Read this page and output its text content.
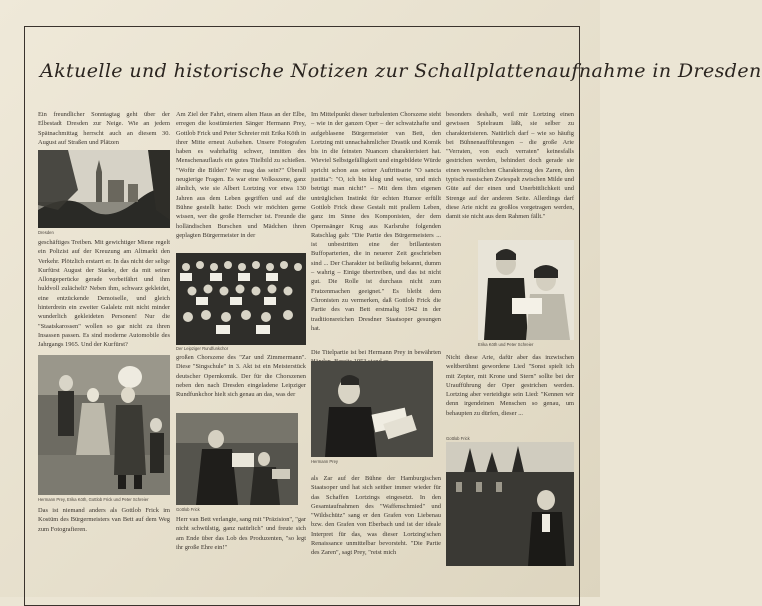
Aktuelle und historische Notizen zur Schallplattenaufnahme in Dresden
Ein freundlicher Sonntagtag geht über der Elbestadt Dresden zur Neige. Wie an jedem Spätnachmittag herrscht auch an diesem 30. August auf Straßen und Plätzen
Dresden
geschäftiges Treiben. Mit gewichtiger Miene regelt ein Polizist auf der Kreuzung am Altmarkt den Verkehr. Plötzlich erstarrt er. In das nicht der selige Kurfürst August der Starke, der da mit seiner Allongeperücke gerade vorbeifährt und ihm huldvoll zulächelt? Neben ihm, schwarz gekleidet, eine entzückende Demoiselle, und gleich hinterdrein ein zweiter Galaletz mit nicht minder wunderlich gekleideten Personen! Nur die "Staatskarossen" wollen so gar nicht zu ihren Insassen passen. Es sind moderne Automobile des Jahrgangs 1965. Und der Kurfürst?
Hermann Prey, Erika Köth, Gottlob Frick und Peter Schreier
Das ist niemand anders als Gottlob Frick im Kostüm des Bürgermeisters van Bett auf dem Weg zum Fotografieren.
Am Ziel der Fahrt, einem alten Haus an der Elbe, erregen die kostümierten Sänger Hermann Prey, Gottlob Frick und Peter Schreier mit Erika Köth in ihrer Mitte erneut Aufsehen. Unsere Fotografen haben es wahrhaftig schwer, inmitten des Menschenauflaufs ein gutes Titelbild zu schießen. "Wofür die Bilder? Wer mag das sein?" Überall neugierige Fragen. Es war eine Volksszene, ganz ähnlich, wie sie Albert Lortzing vor etwa 130 Jahren aus dem Leben gegriffen und auf die Bühne gestellt hatte: Doch wir möchten gerne wissen, wer die große Herrscher ist. Freunde die holländischen Burschen und Mädchen ihren geplagten Bürgermeister in der
Der Leipziger Rundfunkchor
großen Chorszene des "Zar und Zimmermann". Diese "Singschule" in 3. Akt ist ein Meisterstück deutscher Opernkomik. Der für die Chorszenen neben den nach Dresden eingeladene Leipziger Rundfunkchor hielt sich genau an das, was der
Gottlob Frick
Herr van Bett verlangte, sang mit "Präzision", "gar nicht schwülstig, ganz natürlich" und freute sich am Ende über das Lob des Produzenten, "so legt ihr große Ehre ein!"
Im Mittelpunkt dieser turbulenten Chorszene steht – wie in der ganzen Oper – der schwatzhafte und aufgeblasene Bürgermeister van Bett, den Lortzing mit unnachahmlicher Drastik und Komik bis in die feinsten Nuancen charakterisiert hat. Wieviel Selbstgefälligkeit und eingebildete Würde spricht schon aus seiner Auftrittsarie "O sancta justitia": "O, ich bin klug und weise, und mich betrügt man nicht!" – Mit dem ihm eigenen untrüglichen Instinkt für echten Humor erfüllt Gottlob Frick diese Gestalt mit prallem Leben, ganz im Sinne des Komponisten, der dem Opernsänger Krug aus Karlsruhe folgenden Ratschlag gab: "Die Partie des Bürgermeisters ... ist unbestritten eine der brillantesten Buffoparterien, die in neuerer Zeit geschrieben sind ... Der Charakter ist beiläufig bekannt, dumm – wahrig – Einige übertreiben, und das ist nicht gut. Die Rolle ist durchaus nicht zum Fratzenmachen geeignet." Es bleibt dem Chronisten zu vermerken, daß Gottlob Frick die Partie des van Bett erstmalig 1942 in der traditionsreichen Dresdner Staatsoper gesungen hat.
Die Titelpartie ist bei Hermann Prey in bewährten
Hermann Prey
als Zar auf der Bühne der Hamburgischen Staatsoper und hat sich seither immer wieder für das Schaffen Lortzings eingesetzt. In den Gesamtaufnahmen des "Waffenschmied" und "Wildschütz" sang er den Grafen von Liebenau bzw. den Grafen von Eberbach und ist der ideale Interpret für das, was dieser Lortzing'schen Renaissance unmittelbar bevorsteht. "Die Partie des Zaren", sagt Prey, "reist mich
besonders deshalb, weil mir Lortzing einen gewissen Spielraum läßt, sie selber zu charakterisieren. Natürlich darf – wie so häufig bei Bühnenaufführungen – die große Arie "Verraten, von euch verraten" keinesfalls gestrichen werden, behindert doch gerade sie einen wesentlichen Charakterzug des Zaren, den typisch russischen Zwiespalt zwischen Milde und Güte auf der einen und Unerbittlichkeit und Strenge auf der anderen Seite. Allerdings darf diese Arie nicht zu großlos vorgetragen werden, damit sie nicht aus dem Rahmen fällt."
Erika Köth und Peter Schreier
Nicht diese Arie, dafür aber das inzwischen weltberühmt gewordene Lied "Sonst spielt ich mit Zepter, mit Krone und Stern" sollte bei der Uraufführung der Oper gestrichen werden. Lortzing aber verteidigte sein Lied: "Kennen wir denn irgendeinen Menschen so genau, um behaupten zu dürfen, dieser ...
Gottlob Frick
